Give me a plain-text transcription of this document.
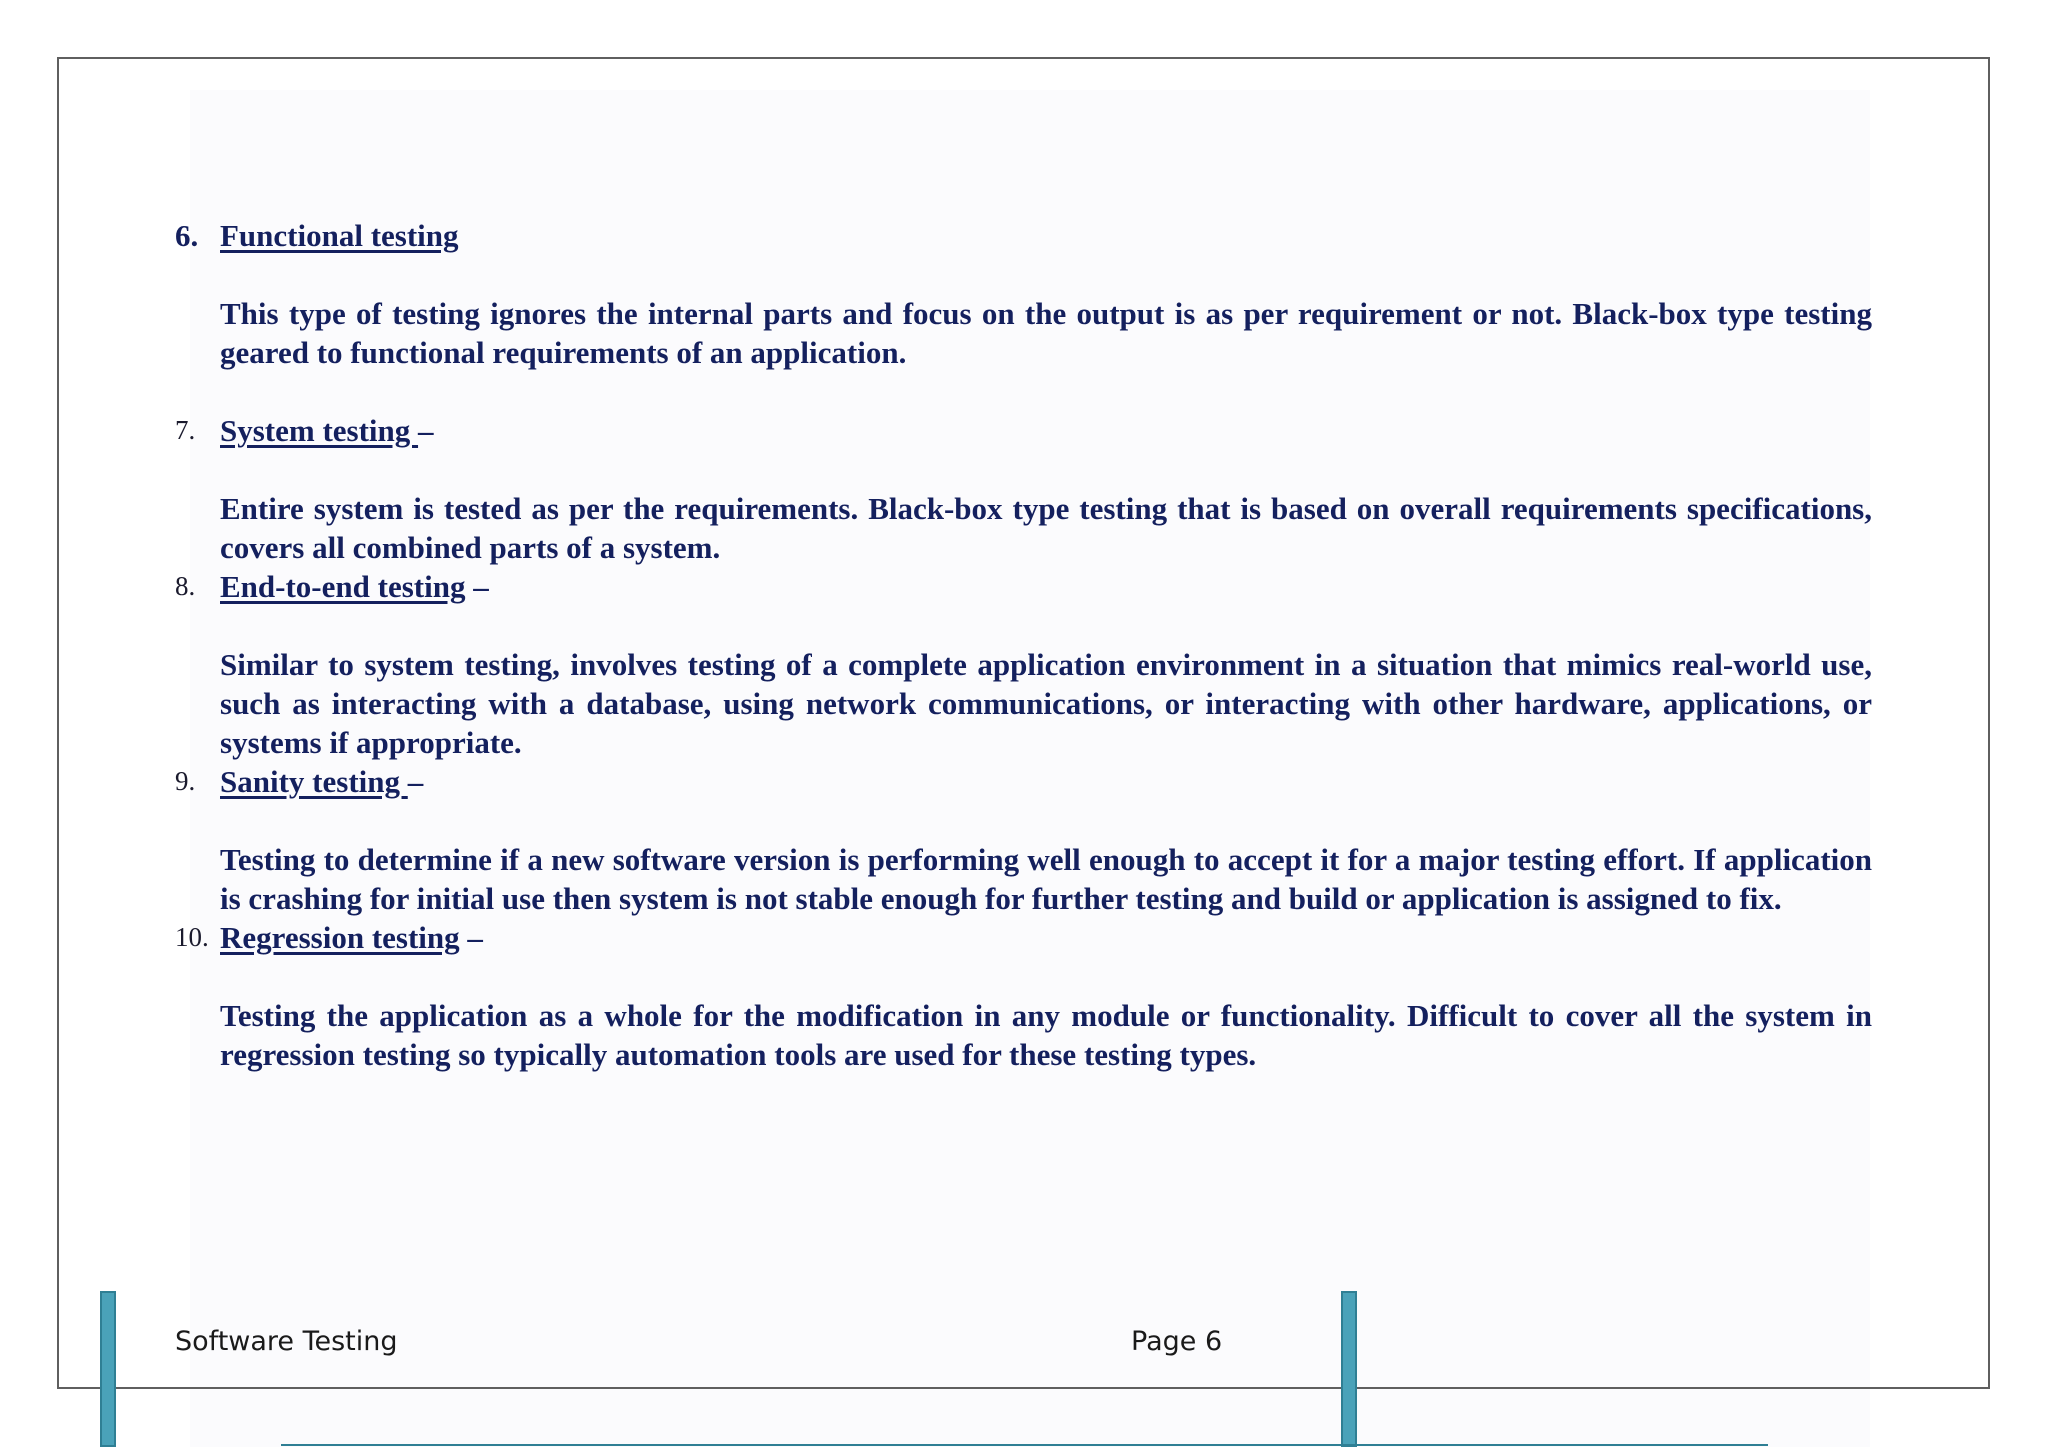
6. Functional testing

This type of testing ignores the internal parts and focus on the output is as per requirement or not. Black-box type testing geared to functional requirements of an application.

7. System testing –

Entire system is tested as per the requirements. Black-box type testing that is based on overall requirements specifications, covers all combined parts of a system.

8. End-to-end testing –

Similar to system testing, involves testing of a complete application environment in a situation that mimics real-world use, such as interacting with a database, using network communications, or interacting with other hardware, applications, or systems if appropriate.

9. Sanity testing –

Testing to determine if a new software version is performing well enough to accept it for a major testing effort. If application is crashing for initial use then system is not stable enough for further testing and build or application is assigned to fix.

10. Regression testing –

Testing the application as a whole for the modification in any module or functionality. Difficult to cover all the system in regression testing so typically automation tools are used for these testing types.

Software Testing	Page 6
